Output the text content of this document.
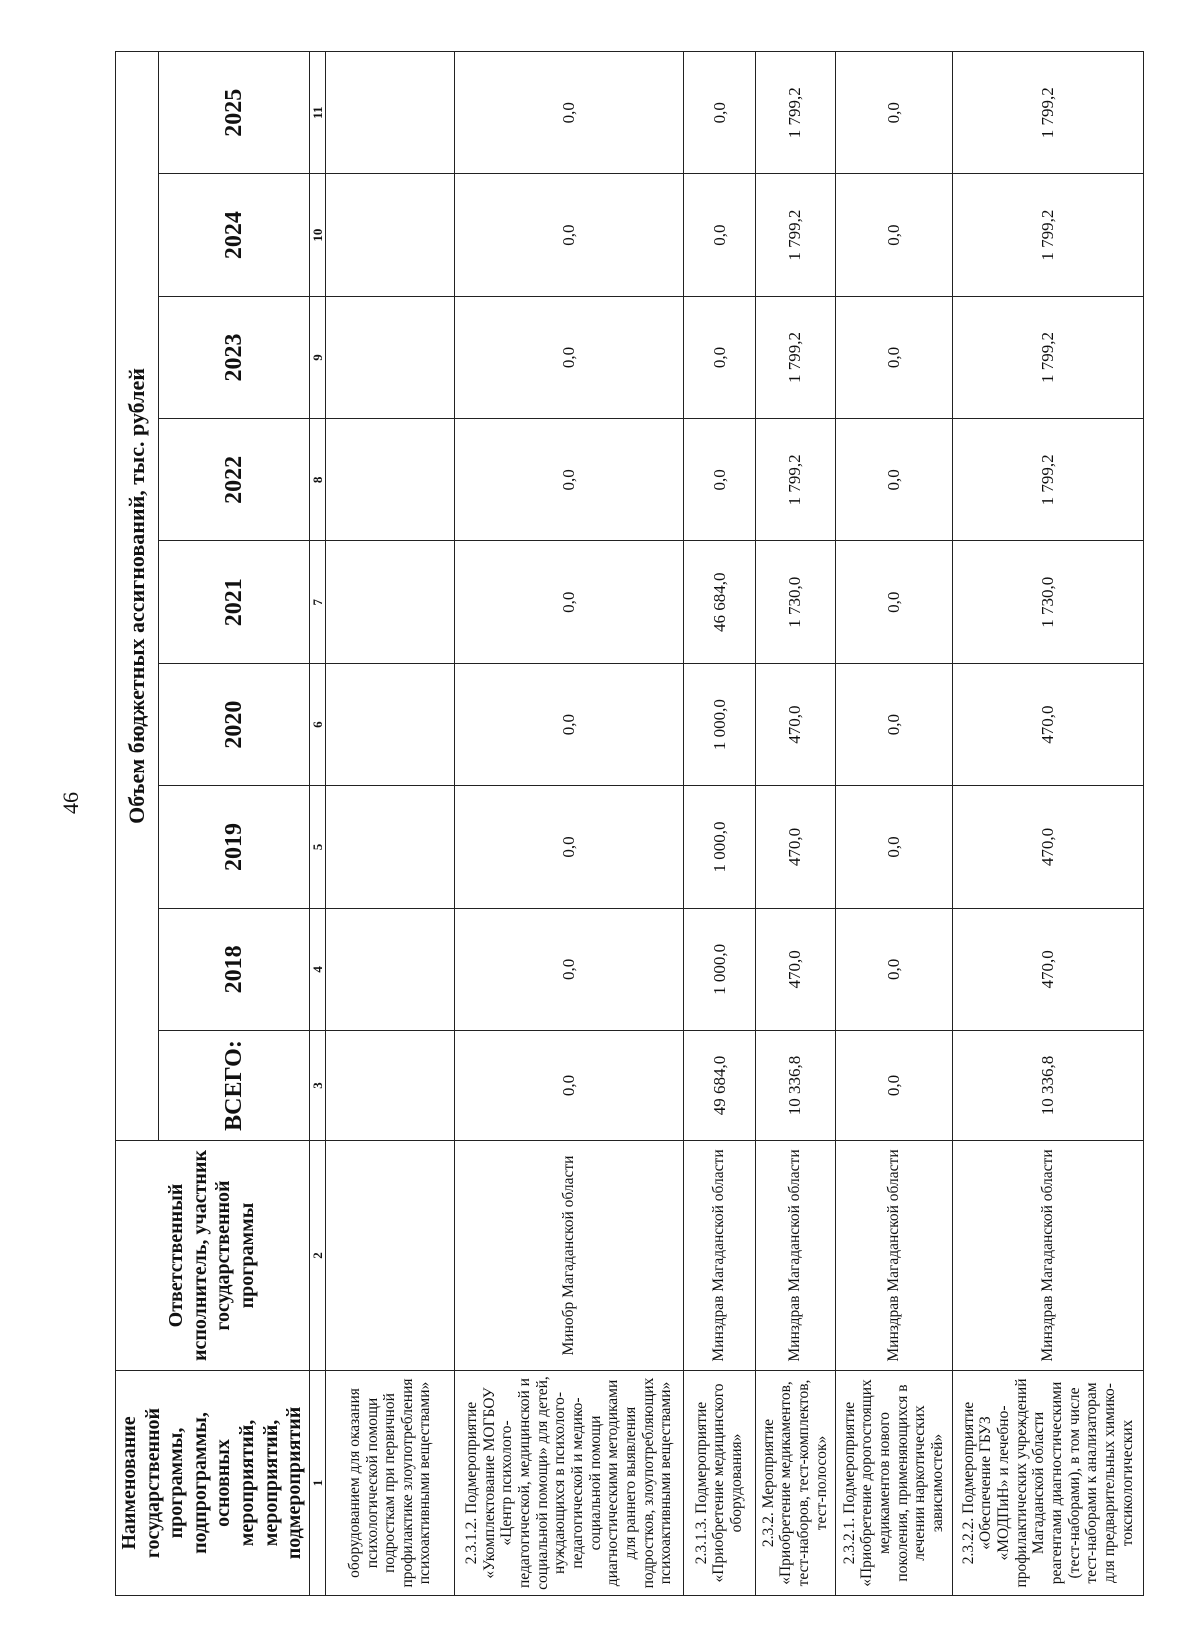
46
Наименование государственной программы, подпрограммы, основных мероприятий, мероприятий, подмероприятий	Ответственный исполнитель, участник государственной программы	Объем бюджетных ассигнований, тыс. рублей								
		ВСЕГО:	2018	2019	2020	2021	2022	2023	2024	2025
1	2	3	4	5	6	7	8	9	10	11
оборудованием для оказания психологической помощи подросткам при первичной профилактике злоупотребления психоактивными веществами»										
2.3.1.2. Подмероприятие «Укомплектование МОГБОУ «Центр психолого-педагогической, медицинской и социальной помощи» для детей, нуждающихся в психолого-педагогической и медико-социальной помощи диагностическими методиками для раннего выявления подростков, злоупотребляющих психоактивными веществами»	Минобр Магаданской области	0,0	0,0	0,0	0,0	0,0	0,0	0,0	0,0	0,0
2.3.1.3. Подмероприятие «Приобретение медицинского оборудования»	Минздрав Магаданской области	49 684,0	1 000,0	1 000,0	1 000,0	46 684,0	0,0	0,0	0,0	0,0
2.3.2. Мероприятие «Приобретение медикаментов, тест-наборов, тест-комплектов, тест-полосок»	Минздрав Магаданской области	10 336,8	470,0	470,0	470,0	1 730,0	1 799,2	1 799,2	1 799,2	1 799,2
2.3.2.1. Подмероприятие «Приобретение дорогостоящих медикаментов нового поколения, применяющихся в лечении наркотических зависимостей»	Минздрав Магаданской области	0,0	0,0	0,0	0,0	0,0	0,0	0,0	0,0	0,0
2.3.2.2. Подмероприятие «Обеспечение ГБУЗ «МОДПиН» и лечебно-профилактических учреждений Магаданской области реагентами диагностическими (тест-наборами), в том числе тест-наборами к анализаторам для предварительных химико-токсикологических	Минздрав Магаданской области	10 336,8	470,0	470,0	470,0	1 730,0	1 799,2	1 799,2	1 799,2	1 799,2
